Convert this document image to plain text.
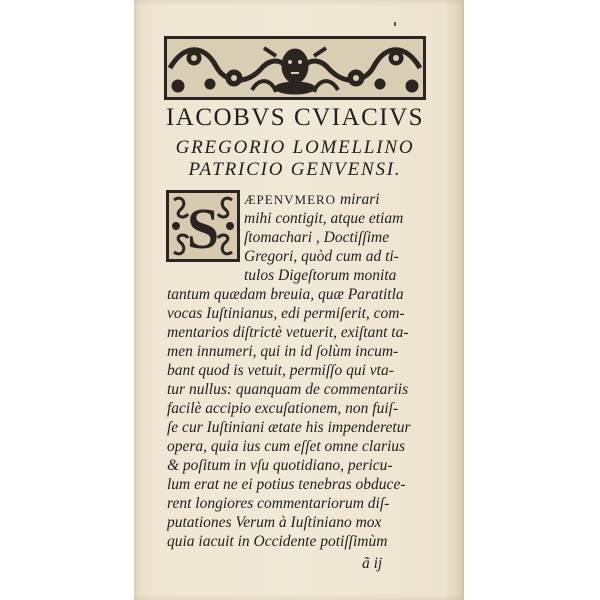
IACOBVS CVIACIVS
GREGORIO LOMELLINO
PATRICIO GENVENSI.
S ÆPENVMERO mirari
mihi contigit, atque etiam
ſtomachari , Doctiſſime
Gregori, quòd cum ad ti-
tulos Digeſtorum monita
tantum quædam breuia, quæ Paratitla
vocas Iuſtinianus, edi permiſerit, com-
mentarios diſtrictè vetuerit, exiſtant ta-
men innumeri, qui in id ſolùm incum-
bant quod is vetuit, permiſſo qui vta-
tur nullus: quanquam de commentariis
facilè accipio excuſationem, non fuiſ-
ſe cur Iuſtiniani ætate his impenderetur
opera, quia ius cum eſſet omne clarius
& poſitum in vſu quotidiano, pericu-
lum erat ne ei potius tenebras obduce-
rent longiores commentariorum diſ-
putationes Verum à Iuſtiniano mox
quia iacuit in Occidente potiſſimùm
ã ij
